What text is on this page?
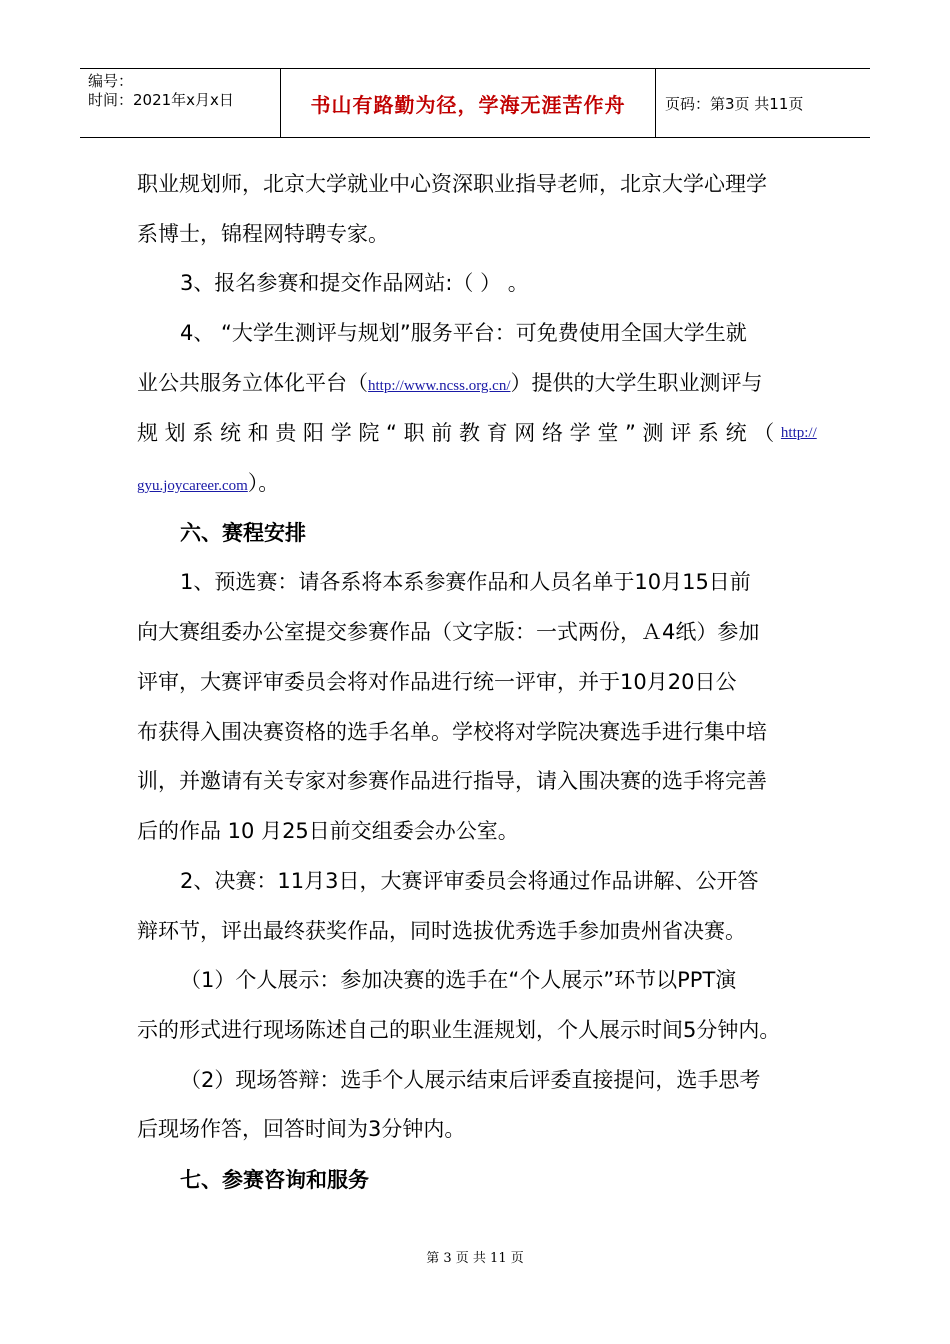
编号：
时间：2021年x月x日	书山有路勤为径，学海无涯苦作舟	页码：第3页 共11页
职业规划师，北京大学就业中心资深职业指导老师，北京大学心理学
系博士，锦程网特聘专家。
3、报名参赛和提交作品网站:（ ） 。
4、 “大学生测评与规划”服务平台：可免费使用全国大学生就
业公共服务立体化平台（http://www.ncss.org.cn/）提供的大学生职业测评与
规 划 系 统 和 贵 阳 学 院 “ 职 前 教 育 网 络 学 堂 ” 测 评 系 统 （ http://
gyu.joycareer.com）。
六、赛程安排
1、预选赛：请各系将本系参赛作品和人员名单于10月15日前
向大赛组委办公室提交参赛作品（文字版：一式两份，Ａ4纸）参加
评审，大赛评审委员会将对作品进行统一评审，并于10月20日公
布获得入围决赛资格的选手名单。学校将对学院决赛选手进行集中培
训，并邀请有关专家对参赛作品进行指导，请入围决赛的选手将完善
后的作品 10 月25日前交组委会办公室。
2、决赛：11月3日，大赛评审委员会将通过作品讲解、公开答
辩环节，评出最终获奖作品，同时选拔优秀选手参加贵州省决赛。
（1）个人展示：参加决赛的选手在“个人展示”环节以PPT演
示的形式进行现场陈述自己的职业生涯规划，个人展示时间5分钟内。
（2）现场答辩：选手个人展示结束后评委直接提问，选手思考
后现场作答，回答时间为3分钟内。
七、参赛咨询和服务
第 3 页 共 11 页
